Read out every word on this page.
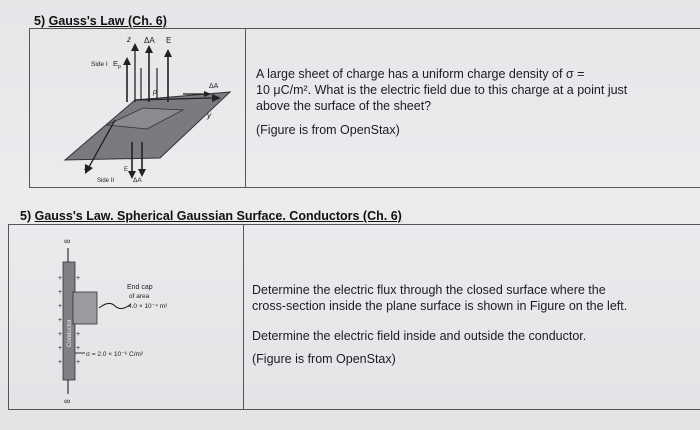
5) Gauss's Law (Ch. 6)
z
y
x
ΔA E
Side I $E_p$
p
ΔA
Side II
E
ΔA

A large sheet of charge has a uniform charge density of σ =

10 μC/m². What is the electric field due to this charge at a point just

above the surface of the sheet?

(Figure is from OpenStax)

5) Gauss's Law. Spherical Gaussian Surface. Conductors (Ch. 6)
∞
∞
Conductor
+
+
+
+
+
+
+
+
+
+
+
End cap
of area
4.0 × 10⁻⁴ m²
σ = 2.0 × 10⁻⁶ C/m²

Determine the electric flux through the closed surface where the

cross-section inside the plane surface is shown in Figure on the left.

Determine the electric field inside and outside the conductor.

(Figure is from OpenStax)
